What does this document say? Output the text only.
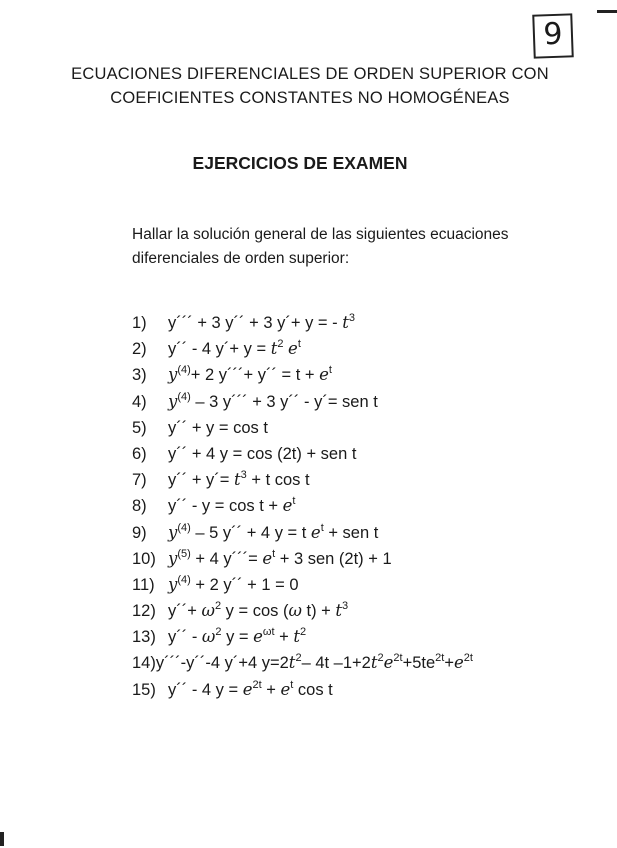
9
ECUACIONES DIFERENCIALES DE ORDEN SUPERIOR CON
COEFICIENTES CONSTANTES NO HOMOGÉNEAS
EJERCICIOS DE EXAMEN
Hallar la solución general de las siguientes ecuaciones
diferenciales de orden superior:
1)	y´´´ + 3 y´´ + 3 y´+ y = - $t^3$
2)	y´´ - 4 y´+ $y = t^2$ $e^t$
3)	$y^{(4)}+ 2$ y´´´+ y´´ = $t + e^t$
4)	$y^{(4)} - 3$ y´´´ + 3 y´´ - y´= sen t
5)	y´´ + y = cos t
6)	y´´ + 4 y = cos (2t) + sen t
7)	y´´ + y´= $t^3 + t$ cos t
8)	y´´ - $y = \cos t + e^t$
9)	$y^{(4)} - 5$ y´´ + 4 y = t $e^t$ + sen t
10) $y^{(5)} + 4$ y´´´= $e^t + 3$ sen (2t) + 1
11) $y^{(4)} + 2$ y´´ + 1 = 0
12) y´´+ $\omega^2$ y = cos (ω $t) + t^3$
13) y´´ - $\omega^2$ $y = e^{\omega t} + t^2$
14) y´´´-y´´-4 y´+4 $y=2t^2-$ 4t $-1+2t^2e^{2t}+5te^{2t}+e^{2t}$
15) y´´ - 4 $y = e^{2t} + e^t$ cos t
